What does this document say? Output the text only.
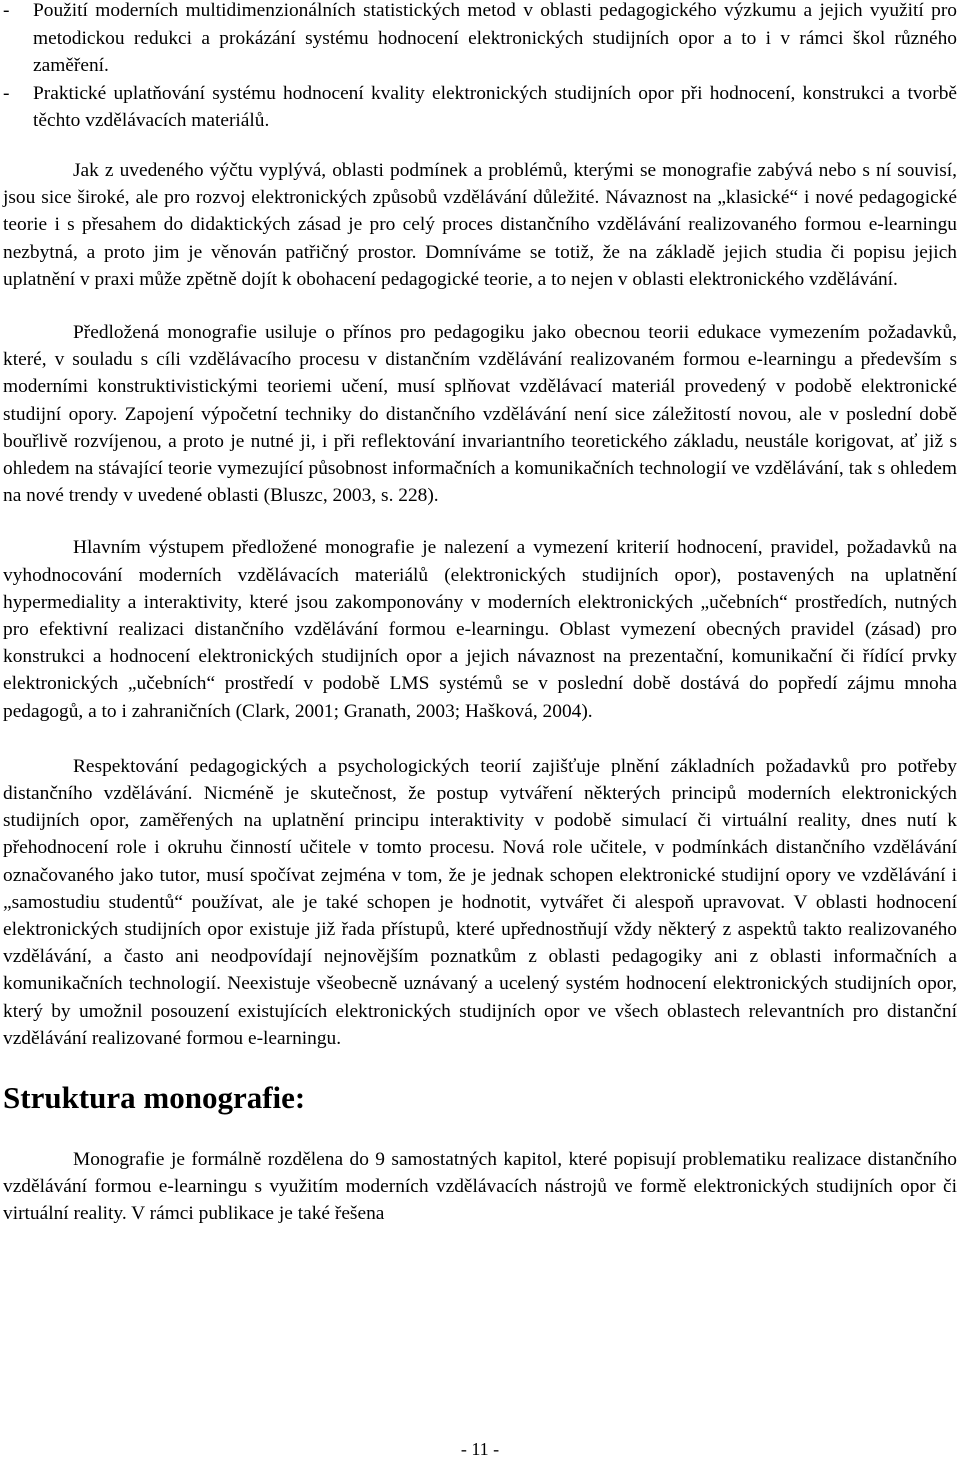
- Použití moderních multidimenzionálních statistických metod v oblasti pedagogického výzkumu a jejich využití pro metodickou redukci a prokázání systému hodnocení elektronických studijních opor a to i v rámci škol různého zaměření.
- Praktické uplatňování systému hodnocení kvality elektronických studijních opor při hodnocení, konstrukci a tvorbě těchto vzdělávacích materiálů.

Jak z uvedeného výčtu vyplývá, oblasti podmínek a problémů, kterými se monografie zabývá nebo s ní souvisí, jsou sice široké, ale pro rozvoj elektronických způsobů vzdělávání důležité. Návaznost na „klasické“ i nové pedagogické teorie i s přesahem do didaktických zásad je pro celý proces distančního vzdělávání realizovaného formou e-learningu nezbytná, a proto jim je věnován patřičný prostor. Domníváme se totiž, že na základě jejich studia či popisu jejich uplatnění v praxi může zpětně dojít k obohacení pedagogické teorie, a to nejen v oblasti elektronického vzdělávání.

Předložená monografie usiluje o přínos pro pedagogiku jako obecnou teorii edukace vymezením požadavků, které, v souladu s cíli vzdělávacího procesu v distančním vzdělávání realizovaném formou e-learningu a především s moderními konstruktivistickými teoriemi učení, musí splňovat vzdělávací materiál provedený v podobě elektronické studijní opory. Zapojení výpočetní techniky do distančního vzdělávání není sice záležitostí novou, ale v poslední době bouřlivě rozvíjenou, a proto je nutné ji, i při reflektování invariantního teoretického základu, neustále korigovat, ať již s ohledem na stávající teorie vymezující působnost informačních a komunikačních technologií ve vzdělávání, tak s ohledem na nové trendy v uvedené oblasti (Bluszc, 2003, s. 228).

Hlavním výstupem předložené monografie je nalezení a vymezení kriterií hodnocení, pravidel, požadavků na vyhodnocování moderních vzdělávacích materiálů (elektronických studijních opor), postavených na uplatnění hypermediality a interaktivity, které jsou zakomponovány v moderních elektronických „učebních“ prostředích, nutných pro efektivní realizaci distančního vzdělávání formou e-learningu. Oblast vymezení obecných pravidel (zásad) pro konstrukci a hodnocení elektronických studijních opor a jejich návaznost na prezentační, komunikační či řídící prvky elektronických „učebních“ prostředí v podobě LMS systémů se v poslední době dostává do popředí zájmu mnoha pedagogů, a to i zahraničních (Clark, 2001; Granath, 2003; Hašková, 2004).

Respektování pedagogických a psychologických teorií zajišťuje plnění základních požadavků pro potřeby distančního vzdělávání. Nicméně je skutečnost, že postup vytváření některých principů moderních elektronických studijních opor, zaměřených na uplatnění principu interaktivity v podobě simulací či virtuální reality, dnes nutí k přehodnocení role i okruhu činností učitele v tomto procesu. Nová role učitele, v podmínkách distančního vzdělávání označovaného jako tutor, musí spočívat zejména v tom, že je jednak schopen elektronické studijní opory ve vzdělávání i „samostudiu studentů“ používat, ale je také schopen je hodnotit, vytvářet či alespoň upravovat. V oblasti hodnocení elektronických studijních opor existuje již řada přístupů, které upřednostňují vždy některý z aspektů takto realizovaného vzdělávání, a často ani neodpovídají nejnovějším poznatkům z oblasti pedagogiky ani z oblasti informačních a komunikačních technologií. Neexistuje všeobecně uznávaný a ucelený systém hodnocení elektronických studijních opor, který by umožnil posouzení existujících elektronických studijních opor ve všech oblastech relevantních pro distanční vzdělávání realizované formou e-learningu.

Struktura monografie:

Monografie je formálně rozdělena do 9 samostatných kapitol, které popisují problematiku realizace distančního vzdělávání formou e-learningu s využitím moderních vzdělávacích nástrojů ve formě elektronických studijních opor či virtuální reality. V rámci publikace je také řešena

- 11 -
